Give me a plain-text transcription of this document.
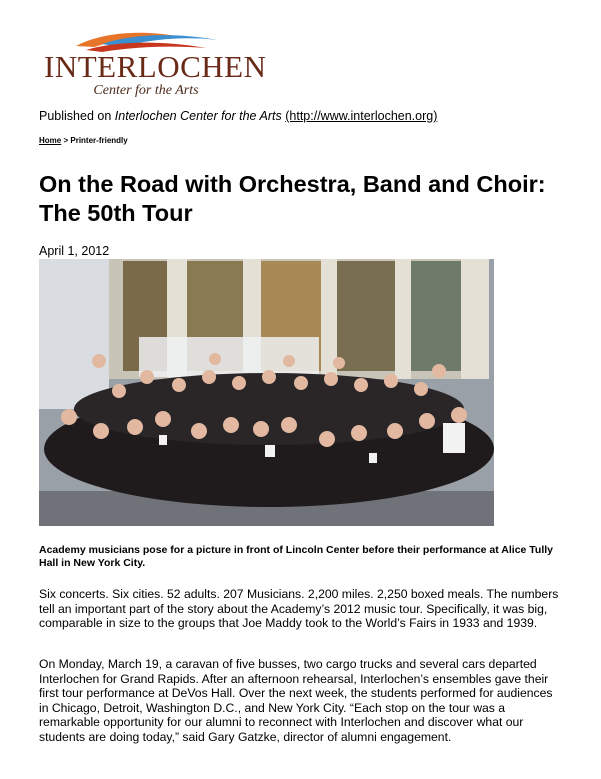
INTERLOCHEN
Center for the Arts
Published on Interlochen Center for the Arts (http://www.interlochen.org)
Home > Printer-friendly
On the Road with Orchestra, Band and Choir: The 50th Tour
April 1, 2012

Academy musicians pose for a picture in front of Lincoln Center before their performance at Alice Tully Hall in New York City.

Six concerts. Six cities. 52 adults. 207 Musicians. 2,200 miles. 2,250 boxed meals. The numbers tell an important part of the story about the Academy’s 2012 music tour. Specifically, it was big, comparable in size to the groups that Joe Maddy took to the World’s Fairs in 1933 and 1939.

On Monday, March 19, a caravan of five busses, two cargo trucks and several cars departed Interlochen for Grand Rapids. After an afternoon rehearsal, Interlochen’s ensembles gave their first tour performance at DeVos Hall. Over the next week, the students performed for audiences in Chicago, Detroit, Washington D.C., and New York City. “Each stop on the tour was a remarkable opportunity for our alumni to reconnect with Interlochen and discover what our students are doing today,” said Gary Gatzke, director of alumni engagement.
